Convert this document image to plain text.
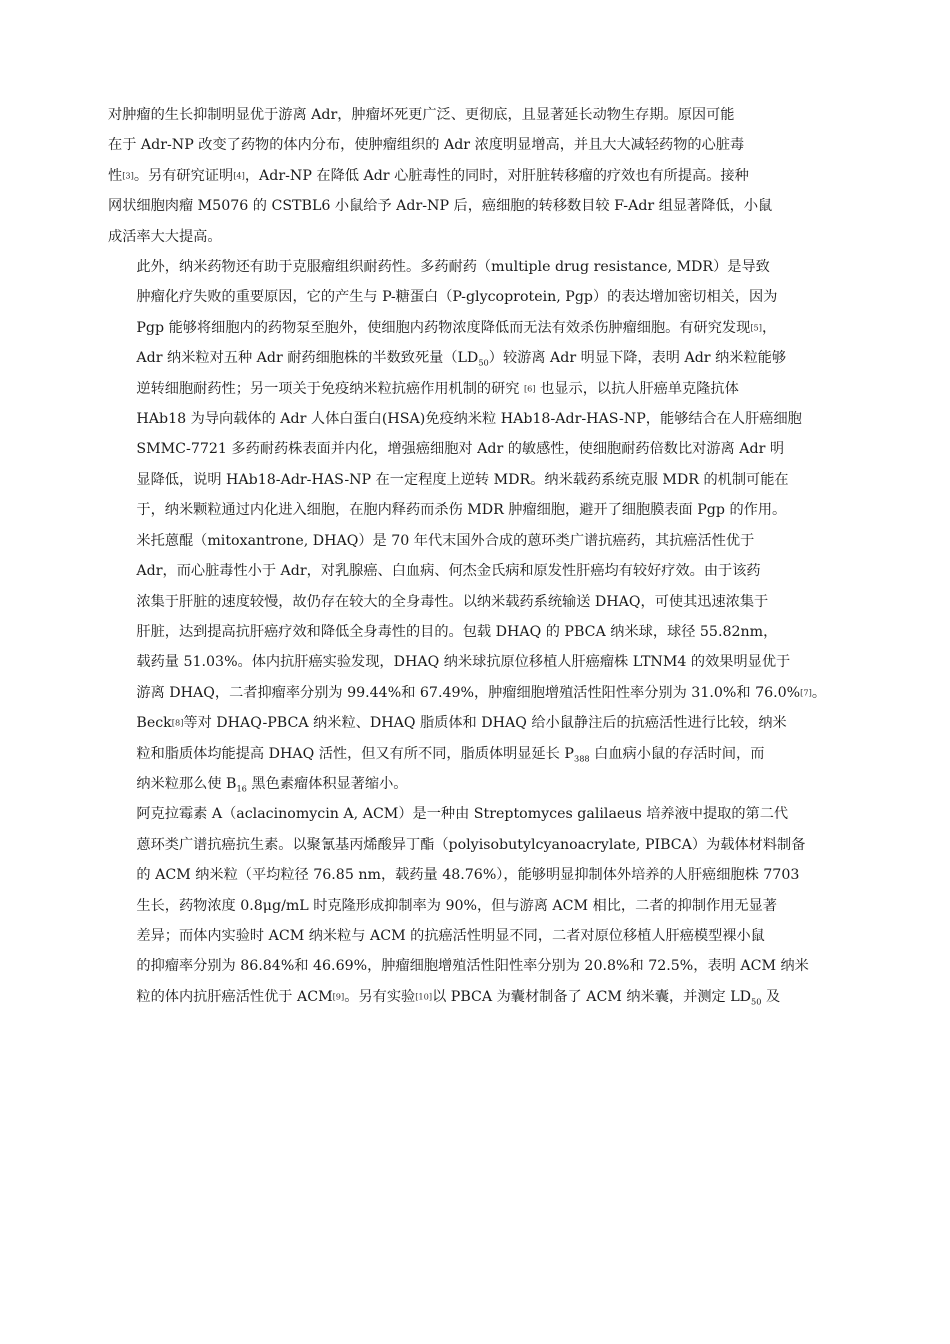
对肿瘤的生长抑制明显优于游离 Adr，肿瘤坏死更广泛、更彻底，且显著延长动物生存期。原因可能
在于 Adr-NP 改变了药物的体内分布，使肿瘤组织的 Adr 浓度明显增高，并且大大减轻药物的心脏毒
性[3]。另有研究证明[4]，Adr-NP 在降低 Adr 心脏毒性的同时，对肝脏转移瘤的疗效也有所提高。接种
网状细胞肉瘤 M5076 的 CSTBL6 小鼠给予 Adr-NP 后，癌细胞的转移数目较 F-Adr 组显著降低，小鼠
成活率大大提高。
此外，纳米药物还有助于克服瘤组织耐药性。多药耐药（multiple drug resistance, MDR）是导致
肿瘤化疗失败的重要原因，它的产生与 P-糖蛋白（P-glycoprotein, Pgp）的表达增加密切相关，因为
Pgp 能够将细胞内的药物泵至胞外，使细胞内药物浓度降低而无法有效杀伤肿瘤细胞。有研究发现[5]，
Adr 纳米粒对五种 Adr 耐药细胞株的半数致死量$(LD_{50})$较游离 Adr 明显下降，表明 Adr 纳米粒能够
逆转细胞耐药性；另一项关于免疫纳米粒抗癌作用机制的研究 [6] 也显示，以抗人肝癌单克隆抗体
HAb18 为导向载体的 Adr 人体白蛋白(HSA)免疫纳米粒 HAb18-Adr-HAS-NP，能够结合在人肝癌细胞
SMMC-7721 多药耐药株表面并内化，增强癌细胞对 Adr 的敏感性，使细胞耐药倍数比对游离 Adr 明
显降低，说明 HAb18-Adr-HAS-NP 在一定程度上逆转 MDR。纳米载药系统克服 MDR 的机制可能在
于，纳米颗粒通过内化进入细胞，在胞内释药而杀伤 MDR 肿瘤细胞，避开了细胞膜表面 Pgp 的作用。
米托蒽醌（mitoxantrone, DHAQ）是 70 年代末国外合成的蒽环类广谱抗癌药，其抗癌活性优于
Adr，而心脏毒性小于 Adr，对乳腺癌、白血病、何杰金氏病和原发性肝癌均有较好疗效。由于该药
浓集于肝脏的速度较慢，故仍存在较大的全身毒性。以纳米载药系统输送 DHAQ，可使其迅速浓集于
肝脏，达到提高抗肝癌疗效和降低全身毒性的目的。包载 DHAQ 的 PBCA 纳米球，球径 55.82nm，
载药量 51.03%。体内抗肝癌实验发现，DHAQ 纳米球抗原位移植人肝癌瘤株 LTNM4 的效果明显优于
游离 DHAQ，二者抑瘤率分别为 99.44%和 67.49%，肿瘤细胞增殖活性阳性率分别为 31.0%和 76.0%[7]。
Beck[8]等对 DHAQ-PBCA 纳米粒、DHAQ 脂质体和 DHAQ 给小鼠静注后的抗癌活性进行比较，纳米
粒和脂质体均能提高 DHAQ 活性，但又有所不同，脂质体明显延长 $P_{388}$ 白血病小鼠的存活时间，而
纳米粒那么使 $B_{16}$ 黑色素瘤体积显著缩小。
阿克拉霉素 A（aclacinomycin A, ACM）是一种由 Streptomyces galilaeus 培养液中提取的第二代
蒽环类广谱抗癌抗生素。以聚氰基丙烯酸异丁酯（polyisobutylcyanoacrylate, PIBCA）为载体材料制备
的 ACM 纳米粒（平均粒径 76.85 nm，载药量 48.76%），能够明显抑制体外培养的人肝癌细胞株 7703
生长，药物浓度 0.8μg/mL 时克隆形成抑制率为 90%，但与游离 ACM 相比，二者的抑制作用无显著
差异；而体内实验时 ACM 纳米粒与 ACM 的抗癌活性明显不同，二者对原位移植人肝癌模型裸小鼠
的抑瘤率分别为 86.84%和 46.69%，肿瘤细胞增殖活性阳性率分别为 20.8%和 72.5%，表明 ACM 纳米
粒的体内抗肝癌活性优于 ACM[9]。另有实验[10]以 PBCA 为囊材制备了 ACM 纳米囊，并测定 $LD_{50}$ 及
